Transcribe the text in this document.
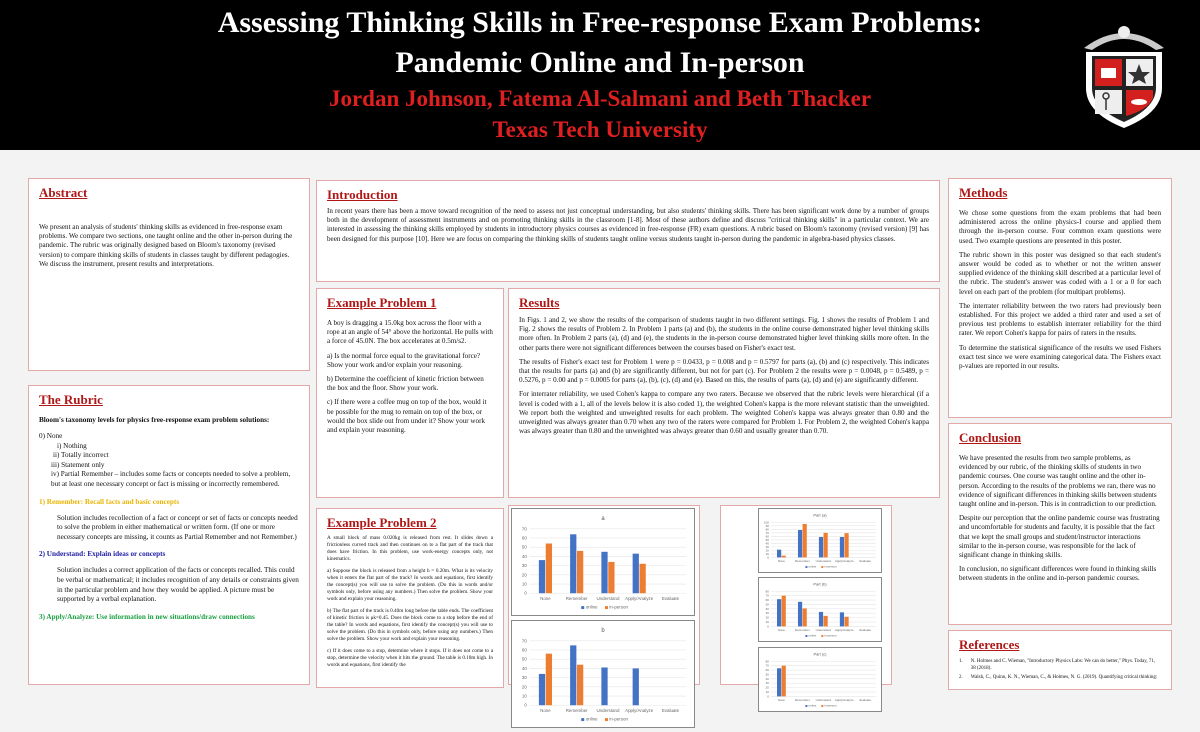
Assessing Thinking Skills in Free-response Exam Problems:
Pandemic Online and In-person
Jordan Johnson, Fatema Al-Salmani and Beth Thacker
Texas Tech University
Abstract

We present an analysis of students' thinking skills as evidenced in free-response exam problems. We compare two sections, one taught online and the other in-person during the pandemic. The rubric was originally designed based on Bloom's taxonomy (revised version) to compare thinking skills of students in classes taught by different pedagogies. We discuss the instrument, present results and interpretations.

The Rubric
Bloom's taxonomy levels for physics free-response exam problem solutions:

0) None

i) Nothing

ii) Totally incorrect

iii) Statement only

iv) Partial Remember – includes some facts or concepts needed to solve a problem, but at least one necessary concept or fact is missing or incorrectly remembered.

1) Remember: Recall facts and basic concepts

Solution includes recollection of a fact or concept or set of facts or concepts needed to solve the problem in either mathematical or written form. (If one or more necessary concepts are missing, it counts as Partial Remember and not Remember.)

2) Understand: Explain ideas or concepts

Solution includes a correct application of the facts or concepts recalled. This could be verbal or mathematical; it includes recognition of any details or constraints given in the particular problem and how they would be applied. A picture must be supported by a verbal explanation.

3) Apply/Analyze: Use information in new situations/draw connections
Introduction

In recent years there has been a move toward recognition of the need to assess not just conceptual understanding, but also students' thinking skills. There has been significant work done by a number of groups both in the development of assessment instruments and on promoting thinking skills in the classroom [1-8]. Most of these authors define and discuss "critical thinking skills" in a particular context. We are interested in assessing the thinking skills employed by students in introductory physics courses as evidenced in free-response (FR) exam questions. A rubric based on Bloom's taxonomy (revised version) [9] has been designed for this purpose [10]. Here we are focus on comparing the thinking skills of students taught online versus students taught in-person during the pandemic in algebra-based physics classes.

Example Problem 1

A boy is dragging a 15.0kg box across the floor with a rope at an angle of 54° above the horizontal. He pulls with a force of 45.0N. The box accelerates at 0.5m/s2.

a) Is the normal force equal to the gravitational force? Show your work and/or explain your reasoning.

b) Determine the coefficient of kinetic friction between the box and the floor. Show your work.

c) If there were a coffee mug on top of the box, would it be possible for the mug to remain on top of the box, or would the box slide out from under it? Show your work and explain your reasoning.

Example Problem 2

A small block of mass 0.020kg is released from rest. It slides down a frictionless curved track and then continues on to a flat part of the track that does have friction. In this problem, use work-energy concepts only, not kinematics.

a) Suppose the block is released from a height h = 0.20m. What is its velocity when it enters the flat part of the track? In words and equations, first identify the concept(s) you will use to solve the problem. (Do this in words and/or symbols only, before using any numbers.) Then solve the problem. Show your work and explain your reasoning.

b) The flat part of the track is 0.40m long before the table ends. The coefficient of kinetic friction is μk=0.45. Does the block come to a stop before the end of the table? In words and equations, first identify the concept(s) you will use to solve the problem. (Do this in symbols only, before using any numbers.) Then solve the problem. Show your work and explain your reasoning.

c) If it does come to a stop, determine where it stops. If it does not come to a stop, determine the velocity when it hits the ground. The table is 0.18m high. In words and equations, first identify the

Results

In Figs. 1 and 2, we show the results of the comparison of students taught in two different settings. Fig. 1 shows the results of Problem 1 and Fig. 2 shows the results of Problem 2. In Problem 1 parts (a) and (b), the students in the online course demonstrated higher level thinking skills more often. In Problem 2 parts (a), (d) and (e), the students in the in-person course demonstrated higher level thinking skills more often. In the other parts there were not significant differences between the courses based on Fisher's exact test.

The results of Fisher's exact test for Problem 1 were p = 0.0433, p = 0.008 and p = 0.5797 for parts (a), (b) and (c) respectively. This indicates that the results for parts (a) and (b) are significantly different, but not for part (c). For Problem 2 the results were p = 0.0048, p = 0.5489, p = 0.5276, p = 0.00 and p = 0.0005 for parts (a), (b), (c), (d) and (e). Based on this, the results of parts (a), (d) and (e) are significantly different.

For interrater reliability, we used Cohen's kappa to compare any two raters. Because we observed that the rubric levels were hierarchical (if a level is coded with a 1, all of the levels below it is also coded 1), the weighted Cohen's kappa is the more relevant statistic than the unweighted. We report both the weighted and unweighted results for each problem. The weighted Cohen's kappa was always greater than 0.80 and the unweighted was always greater than 0.70 when any two of the raters were compared for Problem 1. For Problem 2, the weighted Cohen's kappa was always greater than 0.80 and the unweighted was always greater than 0.60 and usually greater than 0.70.

a
0
10
20
30
40
50
60
70
None	Remember Understand Apply/Analyze Evaluate
online	in-person
b
0
10
20
30
40
50
60
70
None	Remember Understand Apply/Analyze Evaluate
online	in-person
Part (a)
0
10
20
30
40
50
60
70
80
90
100
None	Remember Understand Apply/Analyze Evaluate
online	in-person
Part (b)
0
10
20
30
40
50
60
70
80
None	Remember Understand Apply/Analyze Evaluate
online	in-person
Part (c)
0
10
20
30
40
50
60
70
80
None	Remember Understand Apply/Analyze Evaluate
online	in-person
Methods

We chose some questions from the exam problems that had been administered across the online physics-I course and applied them through the in-person course. Four common exam questions were used. Two example questions are presented in this poster.

The rubric shown in this poster was designed so that each student's answer would be coded as to whether or not the written answer supplied evidence of the thinking skill described at a particular level of the rubric. The student's answer was coded with a 1 or a 0 for each level on each part of the problem (for multipart problems).

The interrater reliability between the two raters had previously been established. For this project we added a third rater and used a set of previous test problems to establish interrater reliability for the third rater. We report Cohen's kappa for pairs of raters in the results.

To determine the statistical significance of the results we used Fishers exact test since we were examining categorical data. The Fishers exact p-values are reported in our results.

Conclusion

We have presented the results from two sample problems, as evidenced by our rubric, of the thinking skills of students in two pandemic courses. One course was taught online and the other in-person. According to the results of the problems we ran, there was no evidence of significant differences in thinking skills between students taught online and in-person. This is in contradiction to our prediction.

Despite our perception that the online pandemic course was frustrating and uncomfortable for students and faculty, it is possible that the fact that we kept the small groups and student/instructor interactions similar to the in-person course, was responsible for the lack of significant change in thinking skills.

In conclusion, no significant differences were found in thinking skills between students in the online and in-person pandemic courses.

References
1. N. Holmes and C. Wieman, "Introductory Physics Labs: We can do better," Phys. Today, 71, 38 (2018).
2. Walsh, C., Quinn, K. N., Wieman, C., & Holmes, N. G. (2019). Quantifying critical thinking:
